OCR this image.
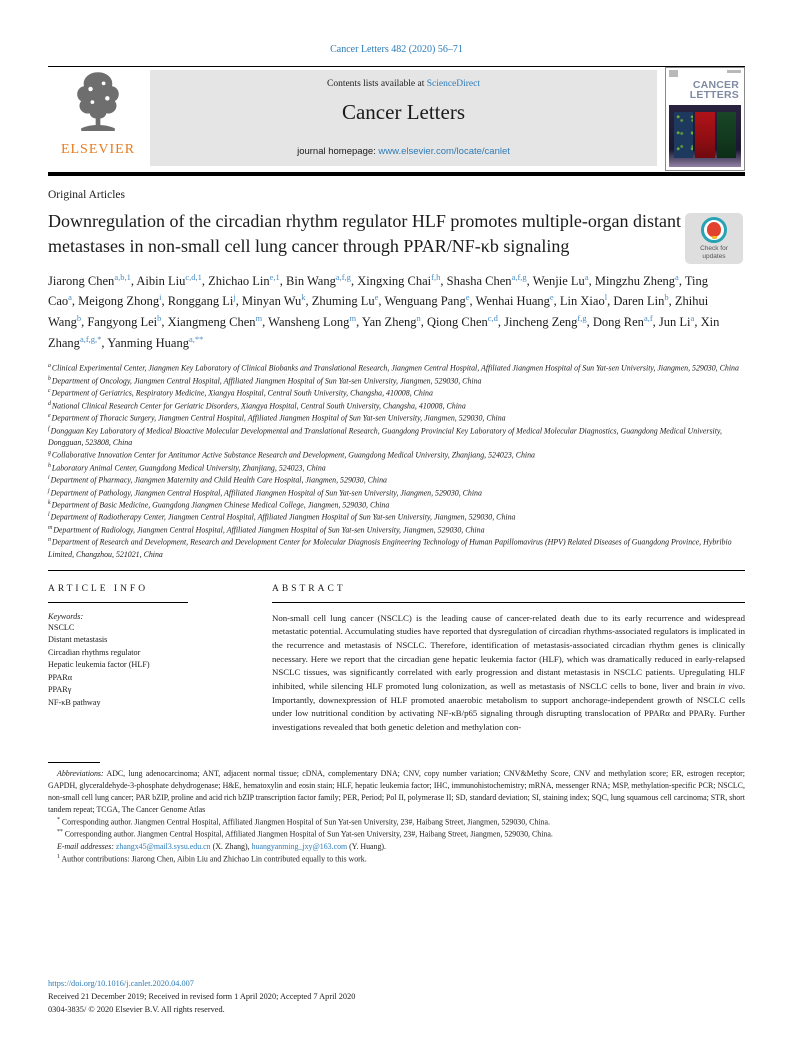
Cancer Letters 482 (2020) 56–71
ELSEVIER
Contents lists available at ScienceDirect
Cancer Letters
journal homepage: www.elsevier.com/locate/canlet
CANCER
LETTERS
Original Articles
Downregulation of the circadian rhythm regulator HLF promotes multiple-organ distant metastases in non-small cell lung cancer through PPAR/NF-κb signaling	Check for
updates
Jiarong Chen$^{a,b,1}$, Aibin Liu$^{c,d,1}$, Zhichao Lin$^{e,1}$, Bin Wang$^{a,f,g}$, Xingxing Chai$^{f,h}$, Shasha Chen$^{a,f,g}$, Wenjie Lu$^a$, Mingzhu Zheng$^a$, Ting Cao$^a$, Meigong Zhong$^i$, Ronggang Li$^j$, Minyan Wu$^k$, Zhuming Lu$^e$, Wenguang Pang$^e$, Wenhai Huang$^e$, Lin Xiao$^l$, Daren Lin$^b$, Zhihui Wang$^b$, Fangyong Lei$^b$, Xiangmeng Chen$^m$, Wansheng Long$^m$, Yan Zheng$^n$, Qiong Chen$^{c,d}$, Jincheng Zeng$^{f,g}$, Dong Ren$^{a,f}$, Jun Li$^a$, Xin Zhang$^{a,f,g,*}$, Yanming Huang$^{a,**}$
$^a$Clinical Experimental Center, Jiangmen Key Laboratory of Clinical Biobanks and Translational Research, Jiangmen Central Hospital, Affiliated Jiangmen Hospital of Sun Yat-sen University, Jiangmen, 529030, China
$^b$Department of Oncology, Jiangmen Central Hospital, Affiliated Jiangmen Hospital of Sun Yat-sen University, Jiangmen, 529030, China
$^c$Department of Geriatrics, Respiratory Medicine, Xiangya Hospital, Central South University, Changsha, 410008, China
$^d$National Clinical Research Center for Geriatric Disorders, Xiangya Hospital, Central South University, Changsha, 410008, China
$^e$Department of Thoracic Surgery, Jiangmen Central Hospital, Affiliated Jiangmen Hospital of Sun Yat-sen University, Jiangmen, 529030, China
$^f$Dongguan Key Laboratory of Medical Bioactive Molecular Developmental and Translational Research, Guangdong Provincial Key Laboratory of Medical Molecular Diagnostics, Guangdong Medical University, Dongguan, 523808, China
$^g$Collaborative Innovation Center for Antitumor Active Substance Research and Development, Guangdong Medical University, Zhanjiang, 524023, China
$^h$Laboratory Animal Center, Guangdong Medical University, Zhanjiang, 524023, China
$^i$Department of Pharmacy, Jiangmen Maternity and Child Health Care Hospital, Jiangmen, 529030, China
$^j$Department of Pathology, Jiangmen Central Hospital, Affiliated Jiangmen Hospital of Sun Yat-sen University, Jiangmen, 529030, China
$^k$Department of Basic Medicine, Guangdong Jiangmen Chinese Medical College, Jiangmen, 529030, China
$^l$Department of Radiotherapy Center, Jiangmen Central Hospital, Affiliated Jiangmen Hospital of Sun Yat-sen University, Jiangmen, 529030, China
$^m$Department of Radiology, Jiangmen Central Hospital, Affiliated Jiangmen Hospital of Sun Yat-sen University, Jiangmen, 529030, China
$^n$Department of Research and Development, Research and Development Center for Molecular Diagnosis Engineering Technology of Human Papillomavirus (HPV) Related Diseases of Guangdong Province, Hybribio Limited, Changzhou, 521021, China
ARTICLE INFO
Keywords:
NSCLC
Distant metastasis
Circadian rhythms regulator
Hepatic leukemia factor (HLF)
PPARα
PPARγ
NF-κB pathway
ABSTRACT

Non-small cell lung cancer (NSCLC) is the leading cause of cancer-related death due to its early recurrence and widespread metastatic potential. Accumulating studies have reported that dysregulation of circadian rhythms-associated regulators is implicated in the recurrence and metastasis of NSCLC. Therefore, identification of metastasis-associated circadian rhythm genes is clinically necessary. Here we report that the circadian gene hepatic leukemia factor (HLF), which was dramatically reduced in early-relapsed NSCLC tissues, was significantly correlated with early progression and distant metastasis in NSCLC patients. Upregulating HLF inhibited, while silencing HLF promoted lung colonization, as well as metastasis of NSCLC cells to bone, liver and brain in vivo. Importantly, downexpression of HLF promoted anaerobic metabolism to support anchorage-independent growth of NSCLC cells under low nutritional condition by activating NF-κB/p65 signaling through disrupting translocation of PPARα and PPARγ. Further investigations revealed that both genetic deletion and methylation con-

Abbreviations: ADC, lung adenocarcinoma; ANT, adjacent normal tissue; cDNA, complementary DNA; CNV, copy number variation; CNV&Methy Score, CNV and methylation score; ER, estrogen receptor; GAPDH, glyceraldehyde-3-phosphate dehydrogenase; H&E, hematoxylin and eosin stain; HLF, hepatic leukemia factor; IHC, immunohistochemistry; mRNA, messenger RNA; MSP, methylation-specific PCR; NSCLC, non-small cell lung cancer; PAR bZIP, proline and acid rich bZIP transcription factor family; PER, Period; Pol II, polymerase II; SD, standard deviation; SI, staining index; SQC, lung squamous cell carcinoma; STR, short tandem repeat; TCGA, The Cancer Genome Atlas

* Corresponding author. Jiangmen Central Hospital, Affiliated Jiangmen Hospital of Sun Yat-sen University, 23#, Haibang Street, Jiangmen, 529030, China.

** Corresponding author. Jiangmen Central Hospital, Affiliated Jiangmen Hospital of Sun Yat-sen University, 23#, Haibang Street, Jiangmen, 529030, China.

E-mail addresses: zhangx45@mail3.sysu.edu.cn (X. Zhang), huangyanming_jxy@163.com (Y. Huang).

$^1$ Author contributions: Jiarong Chen, Aibin Liu and Zhichao Lin contributed equally to this work.

https://doi.org/10.1016/j.canlet.2020.04.007
Received 21 December 2019; Received in revised form 1 April 2020; Accepted 7 April 2020
0304-3835/ © 2020 Elsevier B.V. All rights reserved.
